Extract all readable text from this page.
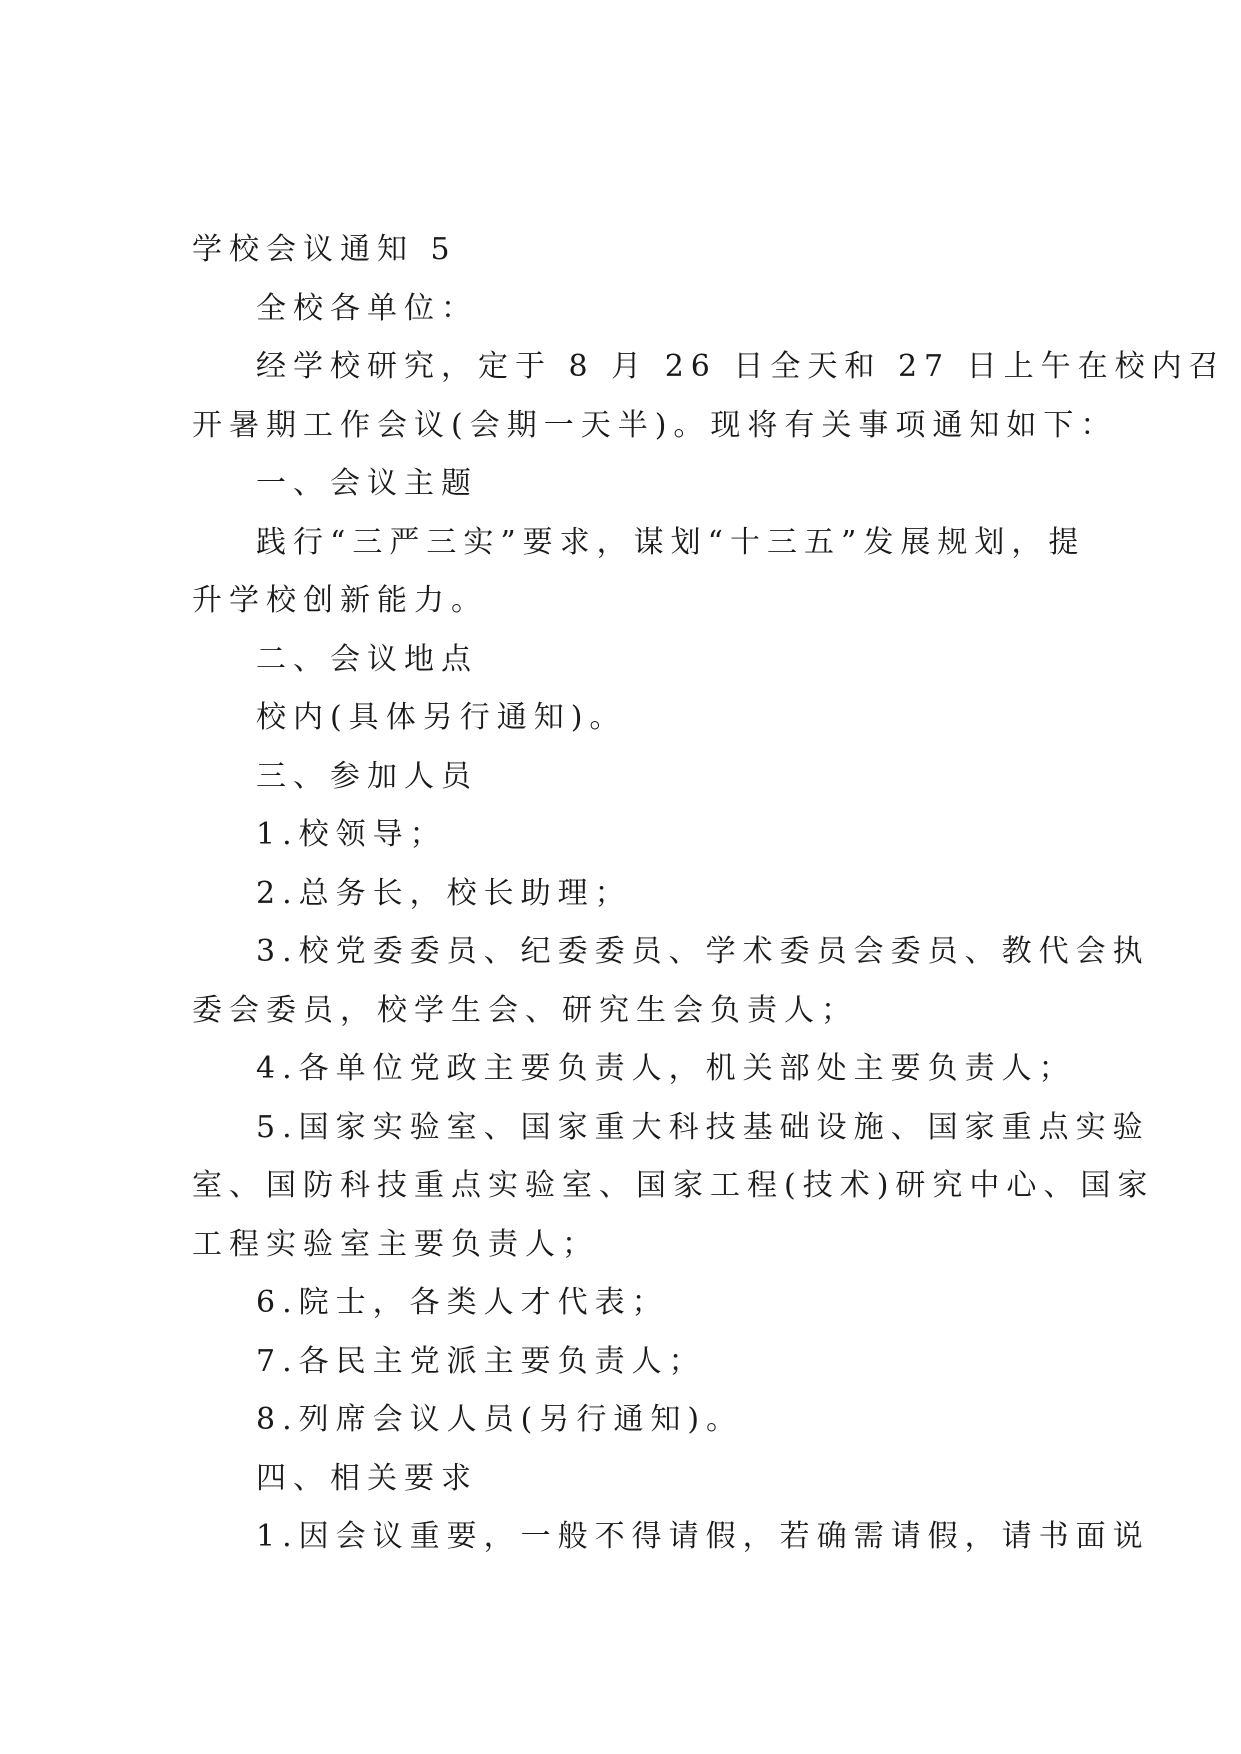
学校会议通知 5

全校各单位：

经学校研究，定于 8 月 26 日全天和 27 日上午在校内召

开暑期工作会议(会期一天半)。现将有关事项通知如下：

一、会议主题

践行“三严三实”要求，谋划“十三五”发展规划，提

升学校创新能力。

二、会议地点

校内(具体另行通知)。

三、参加人员

1.校领导；

2.总务长，校长助理；

3.校党委委员、纪委委员、学术委员会委员、教代会执

委会委员，校学生会、研究生会负责人；

4.各单位党政主要负责人，机关部处主要负责人；

5.国家实验室、国家重大科技基础设施、国家重点实验

室、国防科技重点实验室、国家工程(技术)研究中心、国家

工程实验室主要负责人；

6.院士，各类人才代表；

7.各民主党派主要负责人；

8.列席会议人员(另行通知)。

四、相关要求

1.因会议重要，一般不得请假，若确需请假，请书面说
